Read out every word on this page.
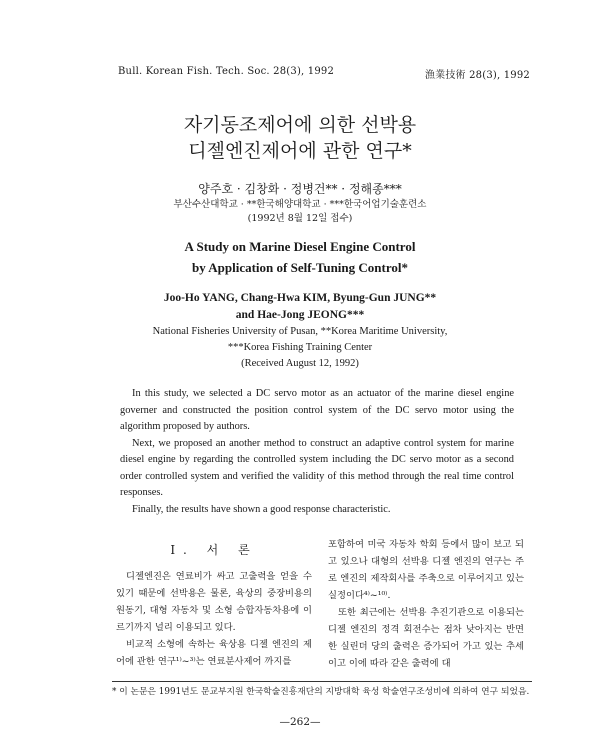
Bull. Korean Fish. Tech. Soc. 28(3), 1992	漁業技術 28(3), 1992
자기동조제어에 의한 선박용
디젤엔진제어에 관한 연구*
양주호 · 김창화 · 정병건** · 정해종***
부산수산대학교 · **한국해양대학교 · ***한국어업기술훈련소
(1992년 8월 12일 접수)
A Study on Marine Diesel Engine Control
by Application of Self-Tuning Control*
Joo-Ho YANG, Chang-Hwa KIM, Byung-Gun JUNG**
and Hae-Jong JEONG***
National Fisheries University of Pusan, **Korea Maritime University,
***Korea Fishing Training Center
(Received August 12, 1992)

In this study, we selected a DC servo motor as an actuator of the marine diesel engine governer and constructed the position control system of the DC servo motor using the algorithm proposed by authors.

Next, we proposed an another method to construct an adaptive control system for marine diesel engine by regarding the controlled system including the DC servo motor as a second order controlled system and verified the validity of this method through the real time control responses.

Finally, the results have shown a good response characteristic.

I. 서 론

디젤엔진은 연료비가 싸고 고출력을 얻을 수 있기 때문에 선박용은 물론, 육상의 중장비용의 원동기, 대형 자동차 및 소형 승합자동차용에 이르기까지 널리 이용되고 있다.

비교적 소형에 속하는 육상용 디젤 엔진의 제어에 관한 연구¹⁾~³⁾는 연료분사제어 까지를

포함하여 미국 자동차 학회 등에서 많이 보고 되고 있으나 대형의 선박용 디젤 엔진의 연구는 주로 엔진의 제작회사를 주축으로 이루어지고 있는 실정이다⁴⁾~¹⁰⁾.

또한 최근에는 선박용 추진기관으로 이용되는 디젤 엔진의 정격 회전수는 점차 낮아지는 반면 한 실린더 당의 출력은 증가되어 가고 있는 추세이고 이에 따라 같은 출력에 대

* 이 논문은 1991년도 문교부지원 한국학술진흥재단의 지방대학 육성 학술연구조성비에 의하여 연구 되었음.
—262—
